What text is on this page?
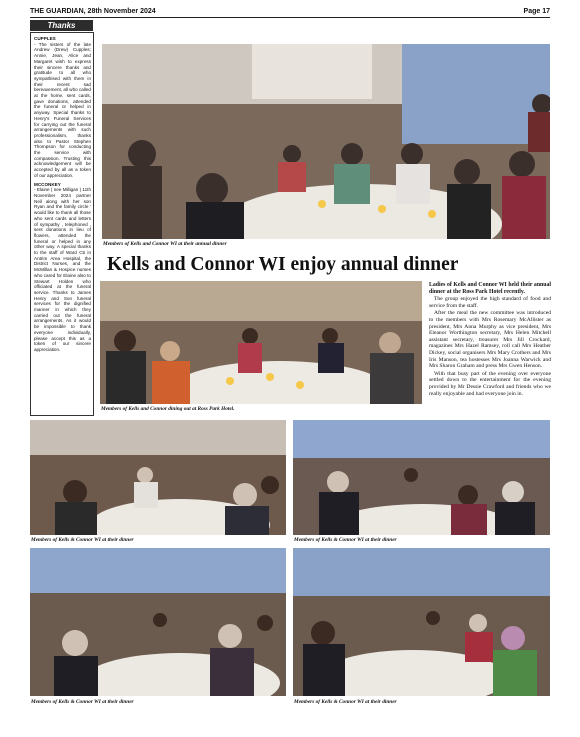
THE GUARDIAN, 28th November 2024	Page 17
Thanks

CUPPLES
- The sisters of the late Andrew (Drew) Cupples; Annie, Jean, Alice and Margaret wish to express their sincere thanks and gratitude to all who sympathised with them in their recent sad bereavement, all who called at the home, sent cards, gave donations, attended the funeral or helped in anyway. Special thanks to Henry's Funeral Services for carrying out the funeral arrangements with such professionalism, thanks also to Pastor Stephen Thompson for conducting the service with compassion. Trusting this acknowledgement will be accepted by all as a token of our appreciation.

MCCONKEY
- Elaine ( nee Milligan ) 11th November 2024 partner Neil along with her son Ryan and the family circle ' would like to thank all those who sent cards and letters of sympathy , telephoned , sent donations in lieu of flowers, attended the funeral or helped in any other way. A special thanks to the staff of Ward C5 in Antrim Area Hospital, the District Nurses, and the McMillan & Hospice nurses who cared for Elaine also to Stewart Holden who officiated at the funeral service. Thanks to James Henry and Son funeral services for the dignified manner in which they carried out the funeral arrangements. As it would be impossible to thank everyone individually, please accept this as a token of our sincere appreciation.

Members of Kells and Connor WI at their annual dinner
Kells and Connor WI enjoy annual dinner
Members of Kells and Connor dining out at Ross Park Hotel.

Ladies of Kells and Connor WI held their annual dinner at the Ross Park Hotel recently.

The group enjoyed the high standard of food and service from the staff.

After the meal the new committee was introduced to the members with Mrs Rosemary McAllister as president, Mrs Anna Murphy as vice president, Mrs Eleanor Worthington secretary, Mrs Helen Mitchell assistant secretary, treasurer Mrs Jill Crockard, magazines Mrs Hazel Ramsey, roll call Mrs Heather Dickey, social organisers Mrs Mary Crothers and Mrs Iris Manson, tea hostesses Mrs Joanna Warwick and Mrs Sharon Graham and press Mrs Gwen Henson.

With that busy part of the evening over everyone settled down to the entertainment for the evening provided by Mr Dessie Crawford and friends who we really enjoyable and had everyone join in.

Members of Kells & Connor WI at their dinner	Members of Kells & Connor WI at their dinner
Members of Kells & Connor WI at their dinner	Members of Kells & Connor WI at their dinner
